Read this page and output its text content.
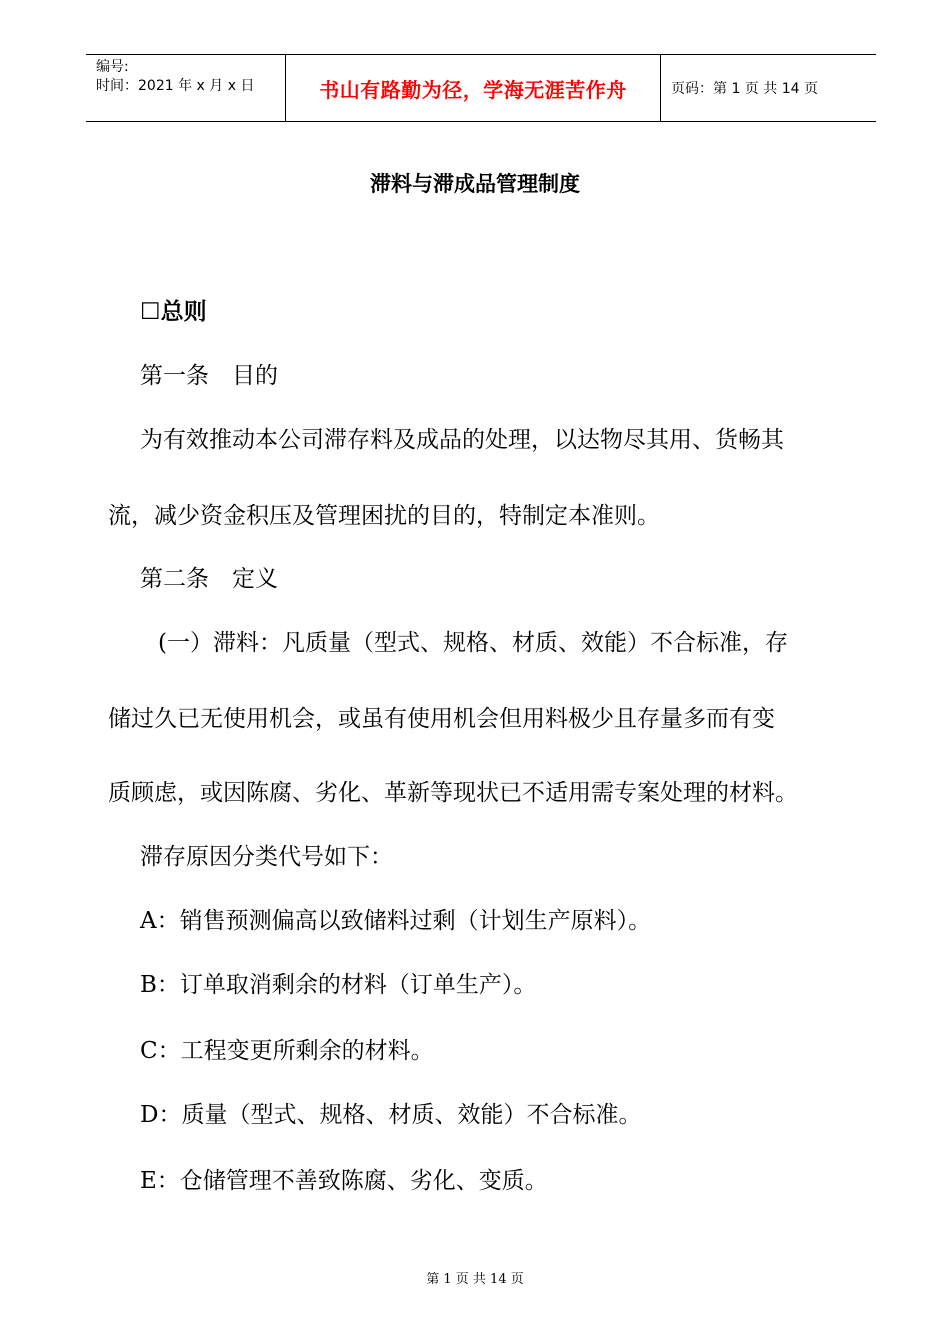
编号:
时间：2021 年 x 月 x 日	书山有路勤为径，学海无涯苦作舟	页码：第 1 页 共 14 页
滞料与滞成品管理制度
☐总则
第一条　目的
为有效推动本公司滞存料及成品的处理，以达物尽其用、货畅其
流，减少资金积压及管理困扰的目的，特制定本准则。
第二条　定义
(一）滞料：凡质量（型式、规格、材质、效能）不合标准，存
储过久已无使用机会，或虽有使用机会但用料极少且存量多而有变
质顾虑，或因陈腐、劣化、革新等现状已不适用需专案处理的材料。
滞存原因分类代号如下：
A：销售预测偏高以致储料过剩（计划生产原料）。
B：订单取消剩余的材料（订单生产）。
C：工程变更所剩余的材料。
D：质量（型式、规格、材质、效能）不合标准。
E：仓储管理不善致陈腐、劣化、变质。
第 1 页 共 14 页
